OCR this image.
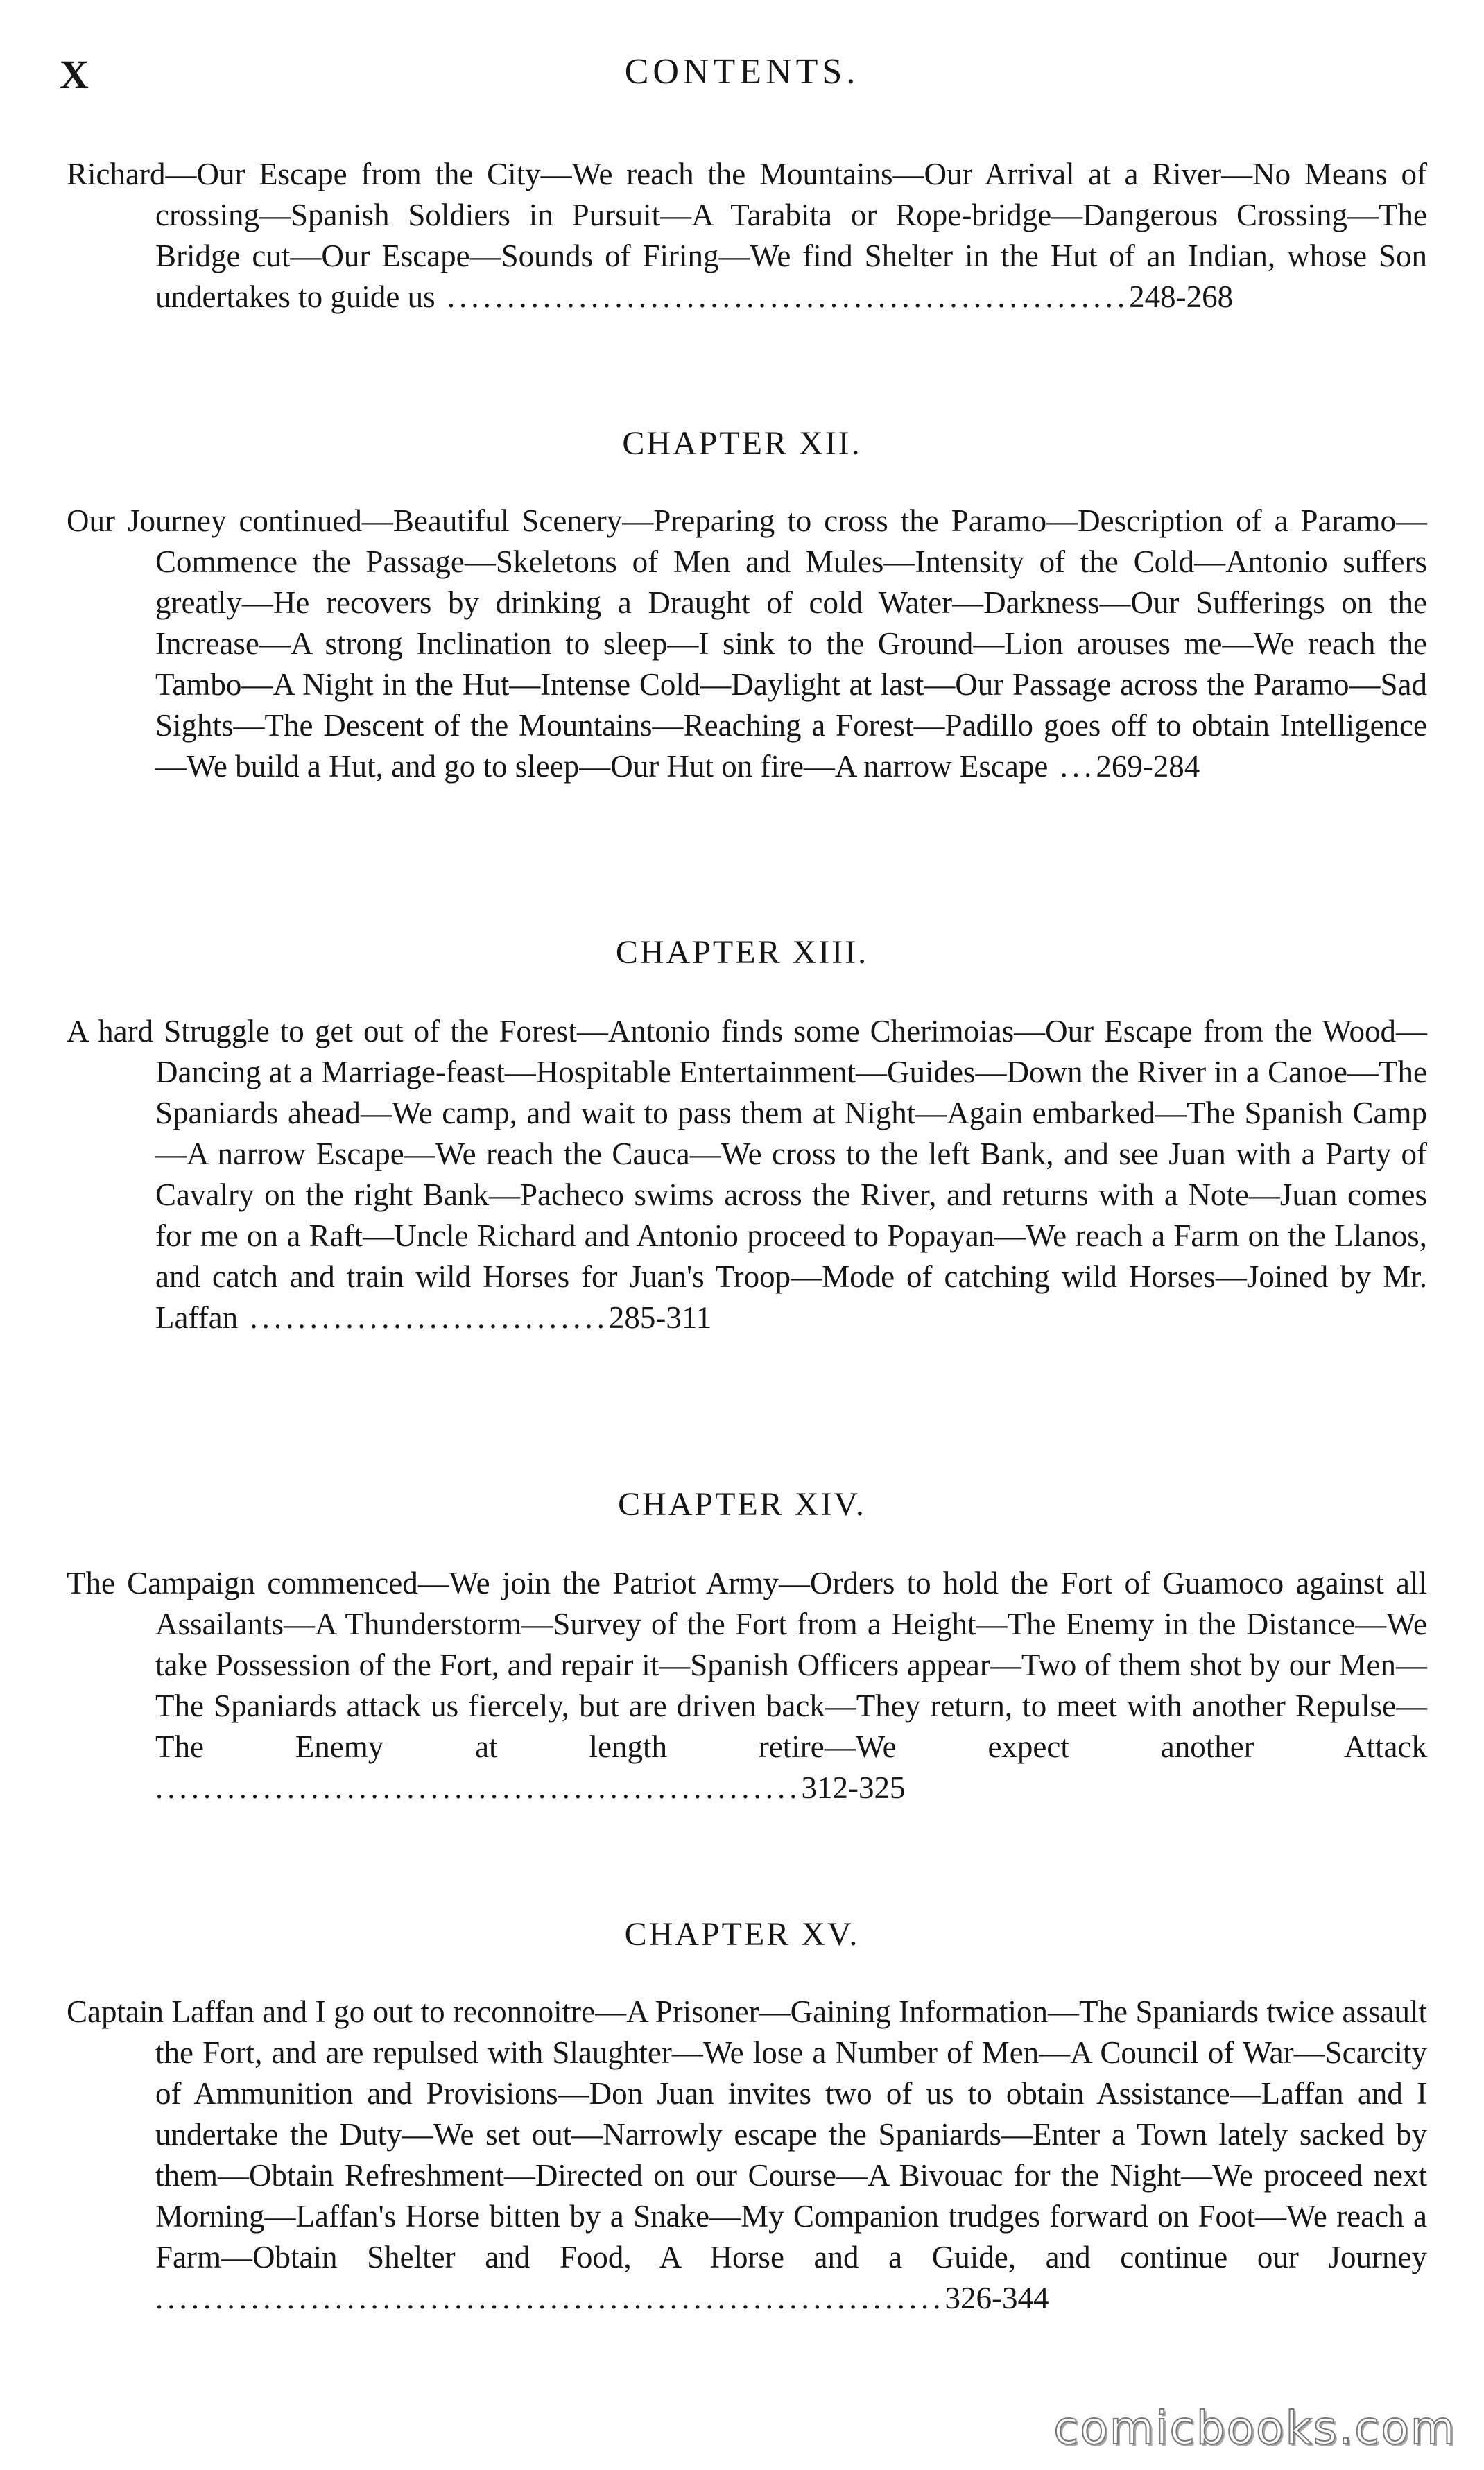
X	CONTENTS.
Richard—Our Escape from the City—We reach the Mountains—Our Arrival at a River—No Means of crossing—Spanish Soldiers in Pursuit—A Tarabita or Rope-bridge—Dangerous Crossing—The Bridge cut—Our Escape—Sounds of Firing—We find Shelter in the Hut of an Indian, whose Son undertakes to guide us .........................................................248-268

CHAPTER XII.

Our Journey continued—Beautiful Scenery—Preparing to cross the Paramo—Description of a Paramo—Commence the Passage—Skeletons of Men and Mules—Intensity of the Cold—Antonio suffers greatly—He recovers by drinking a Draught of cold Water—Darkness—Our Sufferings on the Increase—A strong Inclination to sleep—I sink to the Ground—Lion arouses me—We reach the Tambo—A Night in the Hut—Intense Cold—Daylight at last—Our Passage across the Paramo—Sad Sights—The Descent of the Mountains—Reaching a Forest—Padillo goes off to obtain Intelligence—We build a Hut, and go to sleep—Our Hut on fire—A narrow Escape ...269-284

CHAPTER XIII.

A hard Struggle to get out of the Forest—Antonio finds some Cherimoias—Our Escape from the Wood—Dancing at a Marriage-feast—Hospitable Entertainment—Guides—Down the River in a Canoe—The Spaniards ahead—We camp, and wait to pass them at Night—Again embarked—The Spanish Camp—A narrow Escape—We reach the Cauca—We cross to the left Bank, and see Juan with a Party of Cavalry on the right Bank—Pacheco swims across the River, and returns with a Note—Juan comes for me on a Raft—Uncle Richard and Antonio proceed to Popayan—We reach a Farm on the Llanos, and catch and train wild Horses for Juan's Troop—Mode of catching wild Horses—Joined by Mr. Laffan ..............................285-311

CHAPTER XIV.

The Campaign commenced—We join the Patriot Army—Orders to hold the Fort of Guamoco against all Assailants—A Thunderstorm—Survey of the Fort from a Height—The Enemy in the Distance—We take Possession of the Fort, and repair it—Spanish Officers appear—Two of them shot by our Men—The Spaniards attack us fiercely, but are driven back—They return, to meet with another Repulse—The Enemy at length retire—We expect another Attack ......................................................312-325

CHAPTER XV.

Captain Laffan and I go out to reconnoitre—A Prisoner—Gaining Information—The Spaniards twice assault the Fort, and are repulsed with Slaughter—We lose a Number of Men—A Council of War—Scarcity of Ammunition and Provisions—Don Juan invites two of us to obtain Assistance—Laffan and I undertake the Duty—We set out—Narrowly escape the Spaniards—Enter a Town lately sacked by them—Obtain Refreshment—Directed on our Course—A Bivouac for the Night—We proceed next Morning—Laffan's Horse bitten by a Snake—My Companion trudges forward on Foot—We reach a Farm—Obtain Shelter and Food, A Horse and a Guide, and continue our Journey ..................................................................326-344
comicbooks.com
